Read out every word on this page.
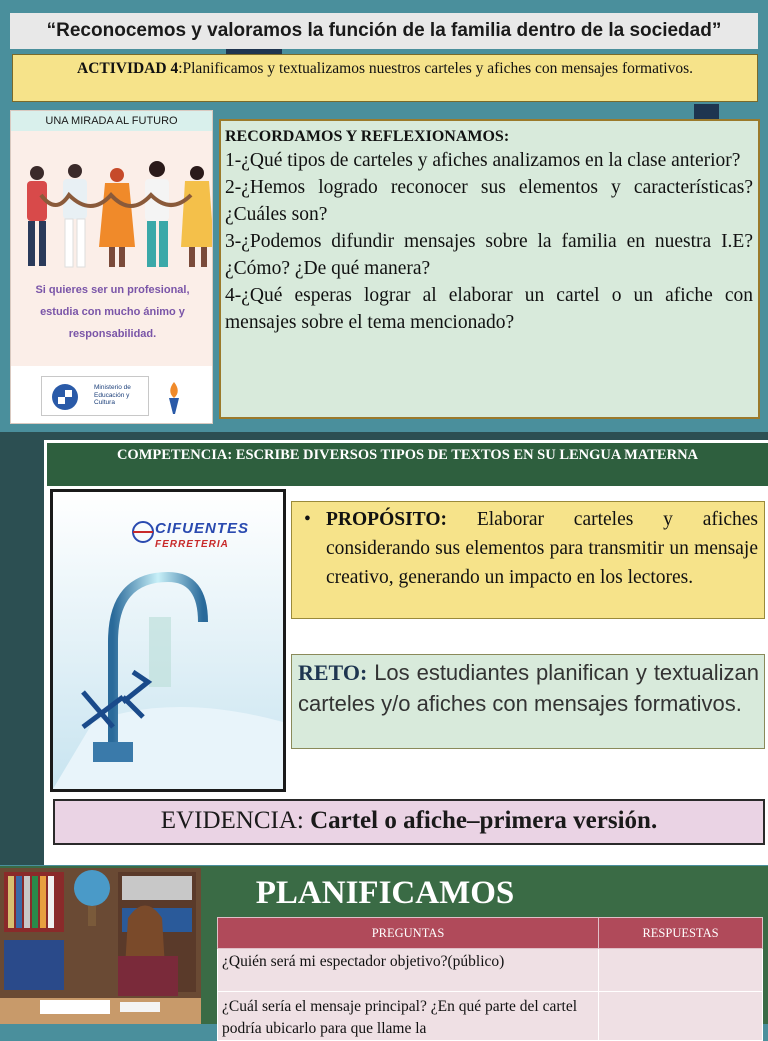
“Reconocemos y valoramos la función de la familia dentro de la sociedad”
ACTIVIDAD 4:Planificamos y textualizamos nuestros carteles y afiches con mensajes formativos.
UNA MIRADA AL FUTURO
Si quieres ser un profesional, estudia con mucho ánimo y responsabilidad.
Ministerio de Educación y Cultura
RECORDAMOS Y REFLEXIONAMOS:
1-¿Qué tipos de carteles y afiches analizamos en la clase anterior?
2-¿Hemos logrado reconocer sus elementos y características? ¿Cuáles son?
3-¿Podemos difundir mensajes sobre la familia en nuestra I.E? ¿Cómo? ¿De qué manera?
4-¿Qué esperas lograr al elaborar un cartel o un afiche con mensajes sobre el tema mencionado?
COMPETENCIA: ESCRIBE DIVERSOS TIPOS DE TEXTOS EN SU LENGUA MATERNA
CIFUENTES
FERRETERIA
• PROPÓSITO: Elaborar carteles y afiches considerando sus elementos para transmitir un mensaje creativo, generando un impacto en los lectores.
RETO: Los estudiantes planifican y textualizan carteles y/o afiches con mensajes formativos.
EVIDENCIA: Cartel o afiche–primera versión.
PLANIFICAMOS
PREGUNTAS	RESPUESTAS
¿Quién será mi espectador objetivo?(público)	
¿Cuál sería el mensaje principal? ¿En qué parte del cartel podría ubicarlo para que llame la	
